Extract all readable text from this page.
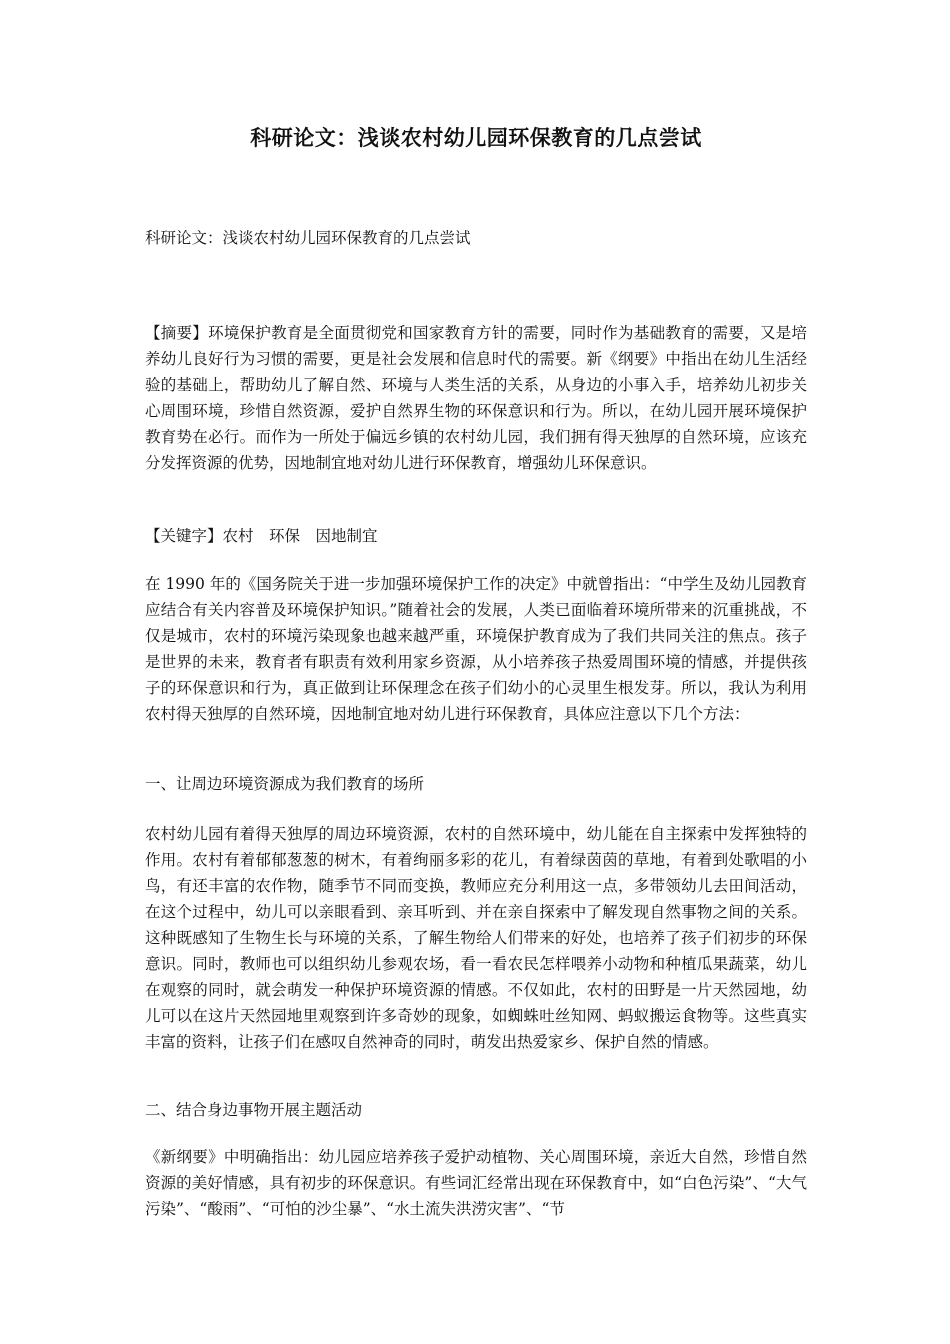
科研论文：浅谈农村幼儿园环保教育的几点尝试
科研论文：浅谈农村幼儿园环保教育的几点尝试

【摘要】环境保护教育是全面贯彻党和国家教育方针的需要，同时作为基础教育的需要，又是培养幼儿良好行为习惯的需要，更是社会发展和信息时代的需要。新《纲要》中指出在幼儿生活经验的基础上，帮助幼儿了解自然、环境与人类生活的关系，从身边的小事入手，培养幼儿初步关心周围环境，珍惜自然资源，爱护自然界生物的环保意识和行为。所以，在幼儿园开展环境保护教育势在必行。而作为一所处于偏远乡镇的农村幼儿园，我们拥有得天独厚的自然环境，应该充分发挥资源的优势，因地制宜地对幼儿进行环保教育，增强幼儿环保意识。

【关键字】农村　环保　因地制宜

在 1990 年的《国务院关于进一步加强环境保护工作的决定》中就曾指出：“中学生及幼儿园教育应结合有关内容普及环境保护知识。”随着社会的发展，人类已面临着环境所带来的沉重挑战，不仅是城市，农村的环境污染现象也越来越严重，环境保护教育成为了我们共同关注的焦点。孩子是世界的未来，教育者有职责有效利用家乡资源，从小培养孩子热爱周围环境的情感，并提供孩子的环保意识和行为，真正做到让环保理念在孩子们幼小的心灵里生根发芽。所以，我认为利用农村得天独厚的自然环境，因地制宜地对幼儿进行环保教育，具体应注意以下几个方法：

一、让周边环境资源成为我们教育的场所

农村幼儿园有着得天独厚的周边环境资源，农村的自然环境中，幼儿能在自主探索中发挥独特的作用。农村有着郁郁葱葱的树木，有着绚丽多彩的花儿，有着绿茵茵的草地，有着到处歌唱的小鸟，有还丰富的农作物，随季节不同而变换，教师应充分利用这一点，多带领幼儿去田间活动，在这个过程中，幼儿可以亲眼看到、亲耳听到、并在亲自探索中了解发现自然事物之间的关系。这种既感知了生物生长与环境的关系，了解生物给人们带来的好处，也培养了孩子们初步的环保意识。同时，教师也可以组织幼儿参观农场，看一看农民怎样喂养小动物和种植瓜果蔬菜，幼儿在观察的同时，就会萌发一种保护环境资源的情感。不仅如此，农村的田野是一片天然园地，幼儿可以在这片天然园地里观察到许多奇妙的现象，如蜘蛛吐丝知网、蚂蚁搬运食物等。这些真实丰富的资料，让孩子们在感叹自然神奇的同时，萌发出热爱家乡、保护自然的情感。

二、结合身边事物开展主题活动

《新纲要》中明确指出：幼儿园应培养孩子爱护动植物、关心周围环境，亲近大自然，珍惜自然资源的美好情感，具有初步的环保意识。有些词汇经常出现在环保教育中，如“白色污染”、“大气污染”、“酸雨”、“可怕的沙尘暴”、“水土流失洪涝灾害”、“节
